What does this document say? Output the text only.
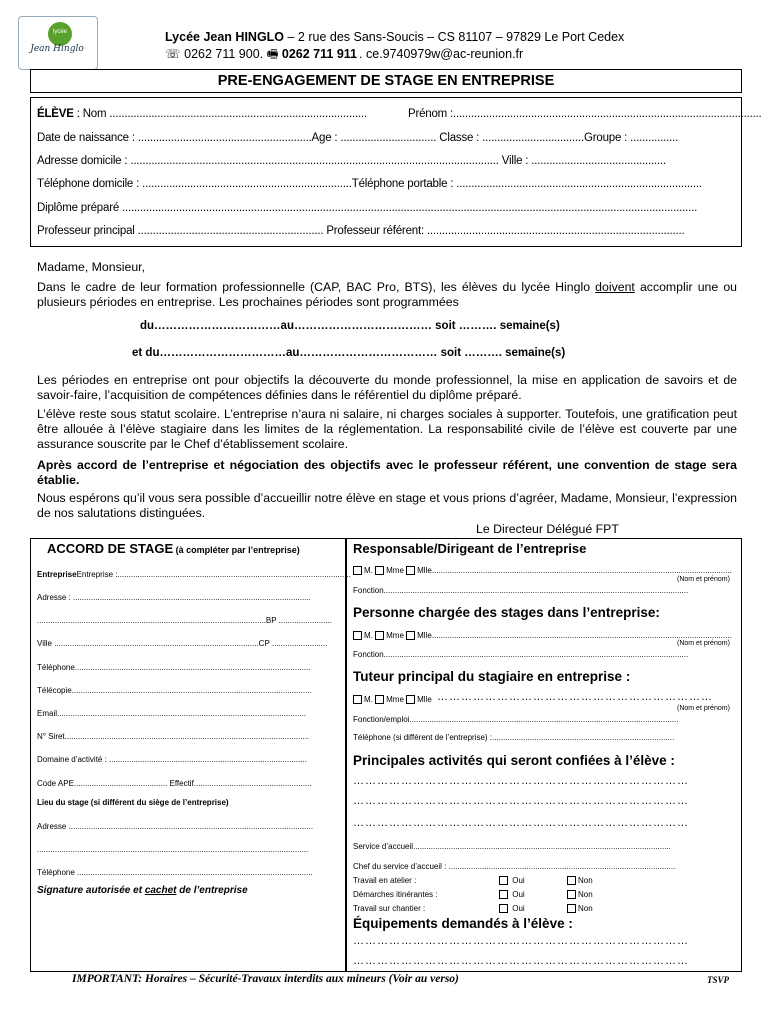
lycée
Jean Hinglo
Lycée Jean HINGLO – 2 rue des Sans-Soucis – CS 81107 – 97829 Le Port Cedex
☏ 0262 711 900. 🖷 0262 711 911 . ce.9740979w@ac-reunion.fr
PRE-ENGAGEMENT DE STAGE EN ENTREPRISE
ÉLÈVE : Nom ......................................................................................	Prénom :.......................................................................................................
Date de naissance : ..........................................................Age : ................................ Classe : ..................................Groupe : ................
Adresse domicile : ........................................................................................................................... Ville : .............................................
Téléphone domicile : ......................................................................Téléphone portable : ..................................................................................
Diplôme préparé ................................................................................................................................................................................................
Professeur principal .............................................................. Professeur référent: ......................................................................................
Madame, Monsieur,
Dans le cadre de leur formation professionnelle (CAP, BAC Pro, BTS), les élèves du lycée Hinglo doivent accomplir une ou plusieurs périodes en entreprise. Les prochaines périodes sont programmées
du……………………………au……………………………… soit ………. semaine(s)
et du……………………………au……………………………… soit ………. semaine(s)
Les périodes en entreprise ont pour objectifs la découverte du monde professionnel, la mise en application de savoirs et de savoir-faire, l’acquisition de compétences définies dans le référentiel du diplôme préparé.
L’élève reste sous statut scolaire. L’entreprise n’aura ni salaire, ni charges sociales à supporter. Toutefois, une gratification peut être allouée à l’élève stagiaire dans les limites de la réglementation. La responsabilité civile de l’élève est couverte par une assurance souscrite par le Chef d’établissement scolaire.
Après accord de l’entreprise et négociation des objectifs avec le professeur référent, une convention de stage sera établie.
Nous espérons qu’il vous sera possible d’accueillir notre élève en stage et vous prions d’agréer, Madame, Monsieur, l’expression de nos salutations distinguées.
Le Directeur Délégué FPT
ACCORD DE STAGE (à compléter par l’entreprise)
EntrepriseEntreprise :.........................................................................................................
Adresse : ...........................................................................................................
.......................................................................................................BP ........................
Ville ............................................................................................CP .........................
Téléphone..........................................................................................................
Télécopie............................................................................................................
Email................................................................................................................
N° Siret..............................................................................................................
Domaine d’activité : .........................................................................................
Code APE.......................................... Effectif.....................................................
Lieu du stage (si différent du siège de l’entreprise)
Adresse ..............................................................................................................
..........................................................................................................................
Téléphone ..........................................................................................................
Signature autorisée et cachet de l’entreprise
Responsable/Dirigeant de l’entreprise
M. Mme Mlle.......................................................................................................................................
(Nom et prénom)
Fonction.........................................................................................................................................
Personne chargée des stages dans l’entreprise:
M. Mme Mlle.......................................................................................................................................
(Nom et prénom)
Fonction.........................................................................................................................................
Tuteur principal du stagiaire en entreprise :
M. Mme Mlle ……………………………………………………………
(Nom et prénom)
Fonction/emploi.........................................................................................................................
Téléphone (si différent de l’entreprise) :..................................................................................
Principales activités qui seront confiées à l’élève :
…………………………………………………………………………
…………………………………………………………………………
…………………………………………………………………………
Service d’accueil....................................................................................................................
Chef du service d’accueil : ......................................................................................................
Travail en atelier :	Oui	Non
Démarches itinérantes :	Oui	Non
Travail sur chantier :	Oui	Non
Équipements demandés à l’élève :
…………………………………………………………………………
…………………………………………………………………………
IMPORTANT: Horaires – Sécurité-Travaux interdits aux mineurs (Voir au verso)	TSVP
